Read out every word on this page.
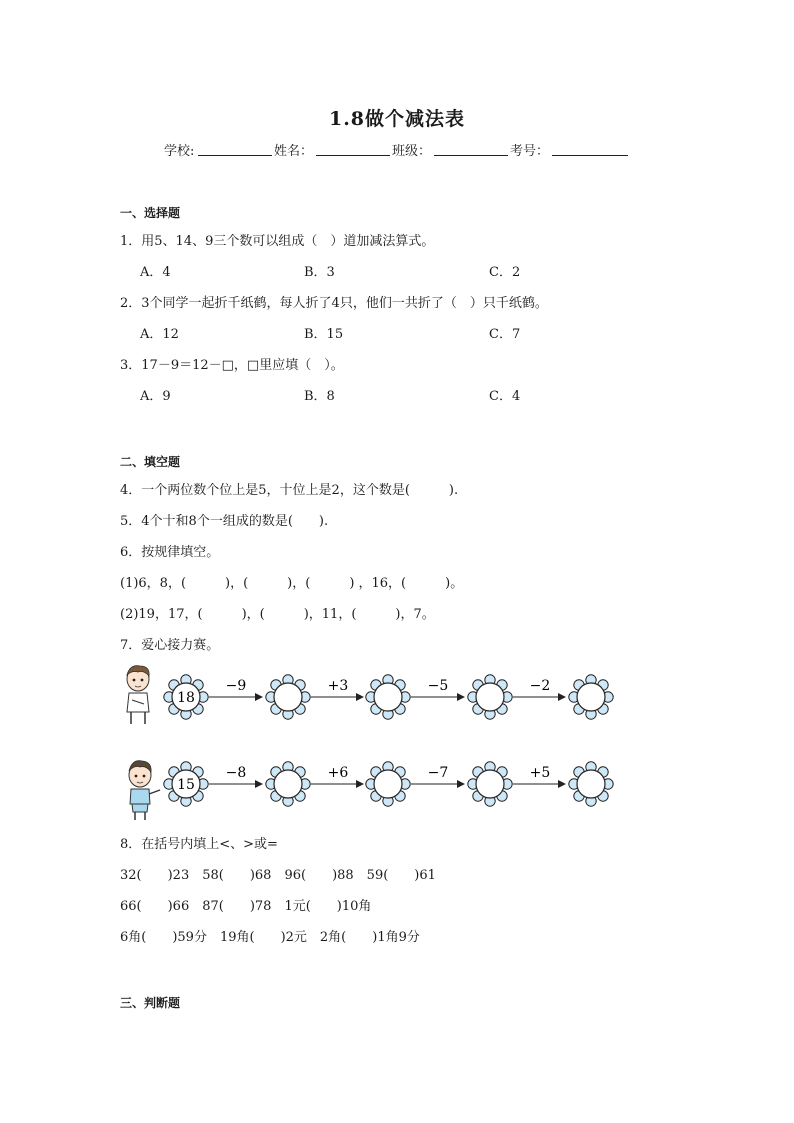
1.8做个减法表
学校:	姓名：	班级：	考号：
一、选择题
1．用5、14、9三个数可以组成（　）道加减法算式。
A．4	B．3	C．2
2．3个同学一起折千纸鹤，每人折了4只，他们一共折了（　）只千纸鹤。
A．12	B．15	C．7
3．17－9＝12－□，□里应填（　）。
A．9	B．8	C．4
二、填空题
4．一个两位数个位上是5，十位上是2，这个数是(　　　).
5．4个十和8个一组成的数是(　　).
6．按规律填空。
(1)6，8，(　　　)，(　　　)，(　　　) ，16，(　　　)。
(2)19，17，(　　　)，(　　　)，11，(　　　)，7。
7．爱心接力赛。
18
−9	+3	−5	−2
15
−8	+6	−7	+5
8．在括号内填上<、>或=
32(　　)23　58(　　)68　96(　　)88　59(　　)61
66(　　)66　87(　　)78　1元(　　)10角
6角(　　)59分　19角(　　)2元　2角(　　)1角9分
三、判断题
